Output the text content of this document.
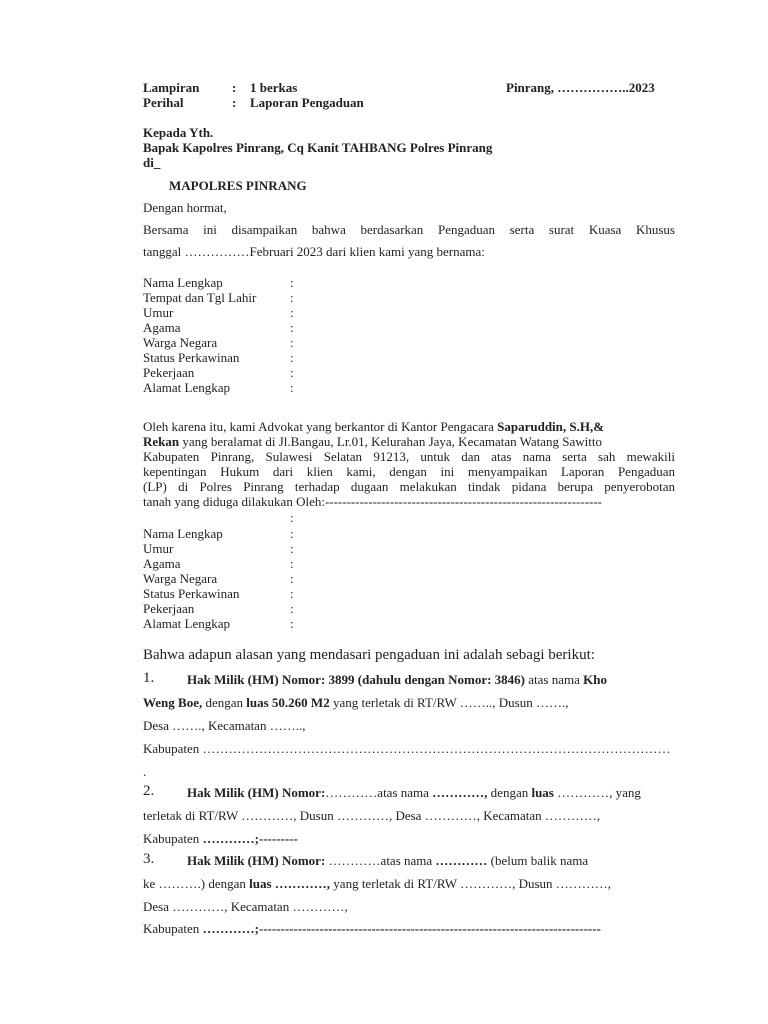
Lampiran	: 1 berkas	Pinrang, ……………..2023
Perihal	: Laporan Pengaduan
Kepada Yth.
Bapak Kapolres Pinrang, Cq Kanit TAHBANG Polres Pinrang
di_
MAPOLRES PINRANG
Dengan hormat,
Bersama ini disampaikan bahwa berdasarkan Pengaduan serta surat Kuasa Khusus
tanggal ……………Februari 2023 dari klien kami yang bernama:
Nama Lengkap	:
Tempat dan Tgl Lahir	:
Umur	:
Agama	:
Warga Negara	:
Status Perkawinan	:
Pekerjaan	:
Alamat Lengkap	:
Oleh karena itu, kami Advokat yang berkantor di Kantor Pengacara Saparuddin, S.H,&
Rekan yang beralamat di Jl.Bangau, Lr.01, Kelurahan Jaya, Kecamatan Watang Sawitto
Kabupaten Pinrang, Sulawesi Selatan 91213, untuk dan atas nama serta sah mewakili
kepentingan Hukum dari klien kami, dengan ini menyampaikan Laporan Pengaduan
(LP) di Polres Pinrang terhadap dugaan melakukan tindak pidana berupa penyerobotan
tanah yang diduga dilakukan Oleh:----------------------------------------------------------------
:
Nama Lengkap	:
Umur	:
Agama	:
Warga Negara	:
Status Perkawinan	:
Pekerjaan	:
Alamat Lengkap	:
Bahwa adapun alasan yang mendasari pengaduan ini adalah sebagi berikut:
1.	Hak Milik (HM) Nomor: 3899 (dahulu dengan Nomor: 3846) atas nama Kho
Weng Boe, dengan luas 50.260 M2 yang terletak di RT/RW …….., Dusun …….,
Desa ……., Kecamatan ……..,
Kabupaten ………………………………………………………………………………………………
.
2.	Hak Milik (HM) Nomor:…………atas nama …………, dengan luas …………, yang
terletak di RT/RW …………, Dusun …………, Desa …………, Kecamatan …………,
Kabupaten …………;---------
3.	Hak Milik (HM) Nomor: …………atas nama ………… (belum balik nama
ke ……….) dengan luas …………, yang terletak di RT/RW …………, Dusun …………,
Desa …………, Kecamatan …………,
Kabupaten …………;-------------------------------------------------------------------------------
